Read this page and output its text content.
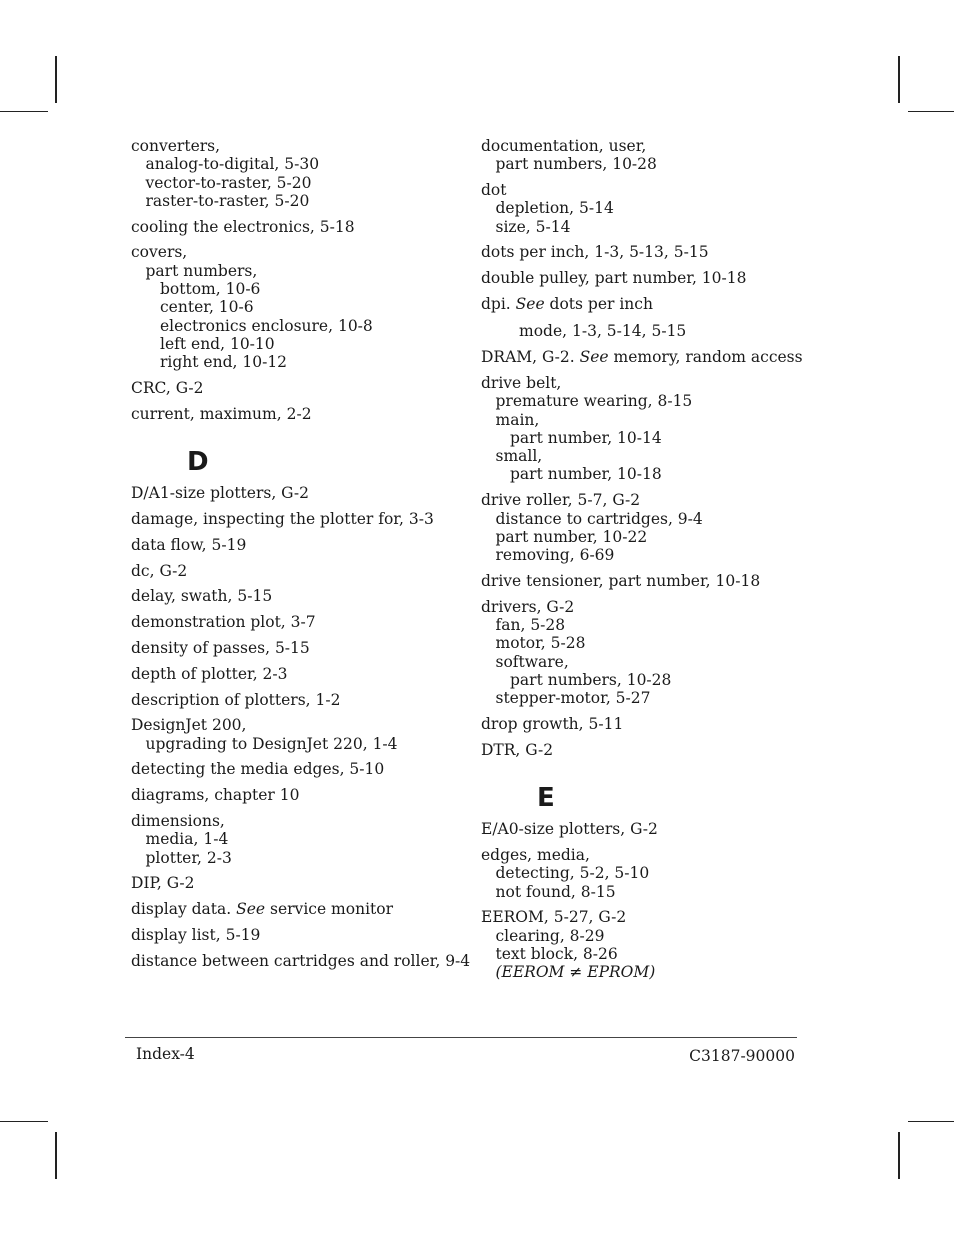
converters,
analog-to-digital, 5-30
vector-to-raster, 5-20
raster-to-raster, 5-20
cooling the electronics, 5-18
covers,
part numbers,
bottom, 10-6
center, 10-6
electronics enclosure, 10-8
left end, 10-10
right end, 10-12
CRC, G-2
current, maximum, 2-2
D
D/A1-size plotters, G-2
damage, inspecting the plotter for, 3-3
data flow, 5-19
dc, G-2
delay, swath, 5-15
demonstration plot, 3-7
density of passes, 5-15
depth of plotter, 2-3
description of plotters, 1-2
DesignJet 200,
upgrading to DesignJet 220, 1-4
detecting the media edges, 5-10
diagrams, chapter 10
dimensions,
media, 1-4
plotter, 2-3
DIP, G-2
display data. See service monitor
display list, 5-19
distance between cartridges and roller, 9-4
documentation, user,
part numbers, 10-28
dot
depletion, 5-14
size, 5-14
dots per inch, 1-3, 5-13, 5-15
double pulley, part number, 10-18
dpi. See dots per inch
mode, 1-3, 5-14, 5-15
DRAM, G-2. See memory, random access
drive belt,
premature wearing, 8-15
main,
part number, 10-14
small,
part number, 10-18
drive roller, 5-7, G-2
distance to cartridges, 9-4
part number, 10-22
removing, 6-69
drive tensioner, part number, 10-18
drivers, G-2
fan, 5-28
motor, 5-28
software,
part numbers, 10-28
stepper-motor, 5-27
drop growth, 5-11
DTR, G-2
E
E/A0-size plotters, G-2
edges, media,
detecting, 5-2, 5-10
not found, 8-15
EEROM, 5-27, G-2
clearing, 8-29
text block, 8-26
(EEROM ≠ EPROM)
Index-4	C3187-90000
